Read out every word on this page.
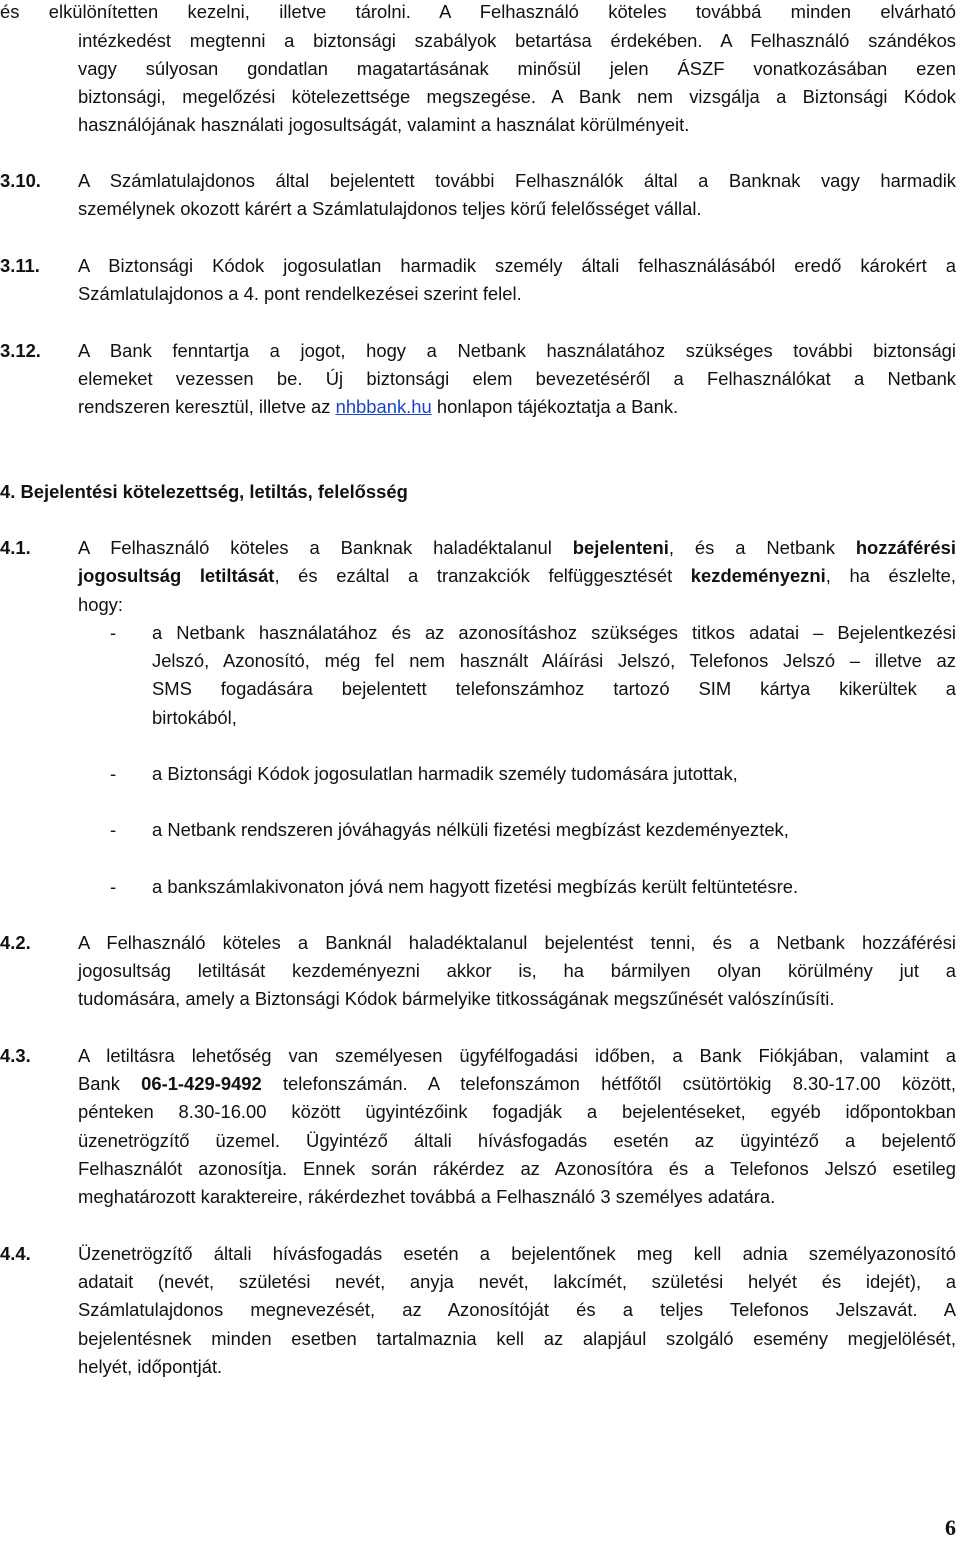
és elkülönítetten kezelni, illetve tárolni. A Felhasználó köteles továbbá minden elvárható
intézkedést megtenni a biztonsági szabályok betartása érdekében. A Felhasználó szándékos
vagy súlyosan gondatlan magatartásának minősül jelen ÁSZF vonatkozásában ezen
biztonsági, megelőzési kötelezettsége megszegése. A Bank nem vizsgálja a Biztonsági Kódok
használójának használati jogosultságát, valamint a használat körülményeit.
3.10. A Számlatulajdonos által bejelentett további Felhasználók által a Banknak vagy harmadik
személynek okozott kárért a Számlatulajdonos teljes körű felelősséget vállal.
3.11. A Biztonsági Kódok jogosulatlan harmadik személy általi felhasználásából eredő károkért a
Számlatulajdonos a 4. pont rendelkezései szerint felel.
3.12. A Bank fenntartja a jogot, hogy a Netbank használatához szükséges további biztonsági
elemeket vezessen be. Új biztonsági elem bevezetéséről a Felhasználókat a Netbank
rendszeren keresztül, illetve az nhbbank.hu honlapon tájékoztatja a Bank.
4. Bejelentési kötelezettség, letiltás, felelősség
4.1.	A Felhasználó köteles a Banknak haladéktalanul bejelenteni, és a Netbank hozzáférési
jogosultság letiltását, és ezáltal a tranzakciók felfüggesztését kezdeményezni, ha észlelte,
hogy:
- a Netbank használatához és az azonosításhoz szükséges titkos adatai – Bejelentkezési
Jelszó, Azonosító, még fel nem használt Aláírási Jelszó, Telefonos Jelszó – illetve az
SMS fogadására bejelentett telefonszámhoz tartozó SIM kártya kikerültek a
birtokából,
- a Biztonsági Kódok jogosulatlan harmadik személy tudomására jutottak,
- a Netbank rendszeren jóváhagyás nélküli fizetési megbízást kezdeményeztek,
- a bankszámlakivonaton jóvá nem hagyott fizetési megbízás került feltüntetésre.
4.2.	A Felhasználó köteles a Banknál haladéktalanul bejelentést tenni, és a Netbank hozzáférési
jogosultság letiltását kezdeményezni akkor is, ha bármilyen olyan körülmény jut a
tudomására, amely a Biztonsági Kódok bármelyike titkosságának megszűnését valószínűsíti.
4.3.	A letiltásra lehetőség van személyesen ügyfélfogadási időben, a Bank Fiókjában, valamint a
Bank 06-1-429-9492 telefonszámán. A telefonszámon hétfőtől csütörtökig 8.30-17.00 között,
pénteken 8.30-16.00 között ügyintézőink fogadják a bejelentéseket, egyéb időpontokban
üzenetrögzítő üzemel. Ügyintéző általi hívásfogadás esetén az ügyintéző a bejelentő
Felhasználót azonosítja. Ennek során rákérdez az Azonosítóra és a Telefonos Jelszó esetileg
meghatározott karaktereire, rákérdezhet továbbá a Felhasználó 3 személyes adatára.
4.4.	Üzenetrögzítő általi hívásfogadás esetén a bejelentőnek meg kell adnia személyazonosító
adatait (nevét, születési nevét, anyja nevét, lakcímét, születési helyét és idejét), a
Számlatulajdonos megnevezését, az Azonosítóját és a teljes Telefonos Jelszavát. A
bejelentésnek minden esetben tartalmaznia kell az alapjául szolgáló esemény megjelölését,
helyét, időpontját.
6
